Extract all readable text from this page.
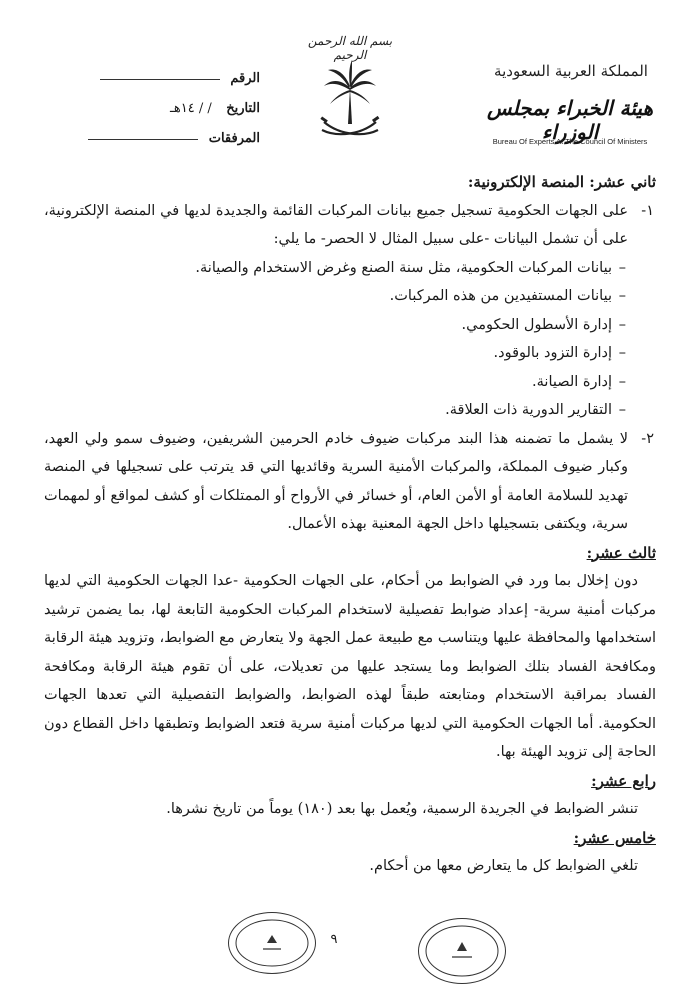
بسم الله الرحمن الرحيم
المملكة العربية السعودية
هيئة الخبراء بمجلس الوزراء
Bureau Of Experts At The Council Of Ministers
الرقم
التاريخ / / ١٤هـ
المرفقات

ثاني عشر: المنصة الإلكترونية:

١-على الجهات الحكومية تسجيل جميع بيانات المركبات القائمة والجديدة لديها في المنصة الإلكترونية، على أن تشمل البيانات -على سبيل المثال لا الحصر- ما يلي:

– بيانات المركبات الحكومية، مثل سنة الصنع وغرض الاستخدام والصيانة.
– بيانات المستفيدين من هذه المركبات.
– إدارة الأسطول الحكومي.
– إدارة التزود بالوقود.
– إدارة الصيانة.
– التقارير الدورية ذات العلاقة.

٢-لا يشمل ما تضمنه هذا البند مركبات ضيوف خادم الحرمين الشريفين، وضيوف سمو ولي العهد، وكبار ضيوف المملكة، والمركبات الأمنية السرية وقائديها التي قد يترتب على تسجيلها في المنصة تهديد للسلامة العامة أو الأمن العام، أو خسائر في الأرواح أو الممتلكات أو كشف لمواقع أو لمهمات سرية، ويكتفى بتسجيلها داخل الجهة المعنية بهذه الأعمال.

ثالث عشر:

دون إخلال بما ورد في الضوابط من أحكام، على الجهات الحكومية -عدا الجهات الحكومية التي لديها مركبات أمنية سرية- إعداد ضوابط تفصيلية لاستخدام المركبات الحكومية التابعة لها، بما يضمن ترشيد استخدامها والمحافظة عليها ويتناسب مع طبيعة عمل الجهة ولا يتعارض مع الضوابط، وتزويد هيئة الرقابة ومكافحة الفساد بتلك الضوابط وما يستجد عليها من تعديلات، على أن تقوم هيئة الرقابة ومكافحة الفساد بمراقبة الاستخدام ومتابعته طبقاً لهذه الضوابط، والضوابط التفصيلية التي تعدها الجهات الحكومية. أما الجهات الحكومية التي لديها مركبات أمنية سرية فتعد الضوابط وتطبقها داخل القطاع دون الحاجة إلى تزويد الهيئة بها.

رابع عشر:

تنشر الضوابط في الجريدة الرسمية، ويُعمل بها بعد (١٨٠) يوماً من تاريخ نشرها.

خامس عشر:

تلغي الضوابط كل ما يتعارض معها من أحكام.

٩
